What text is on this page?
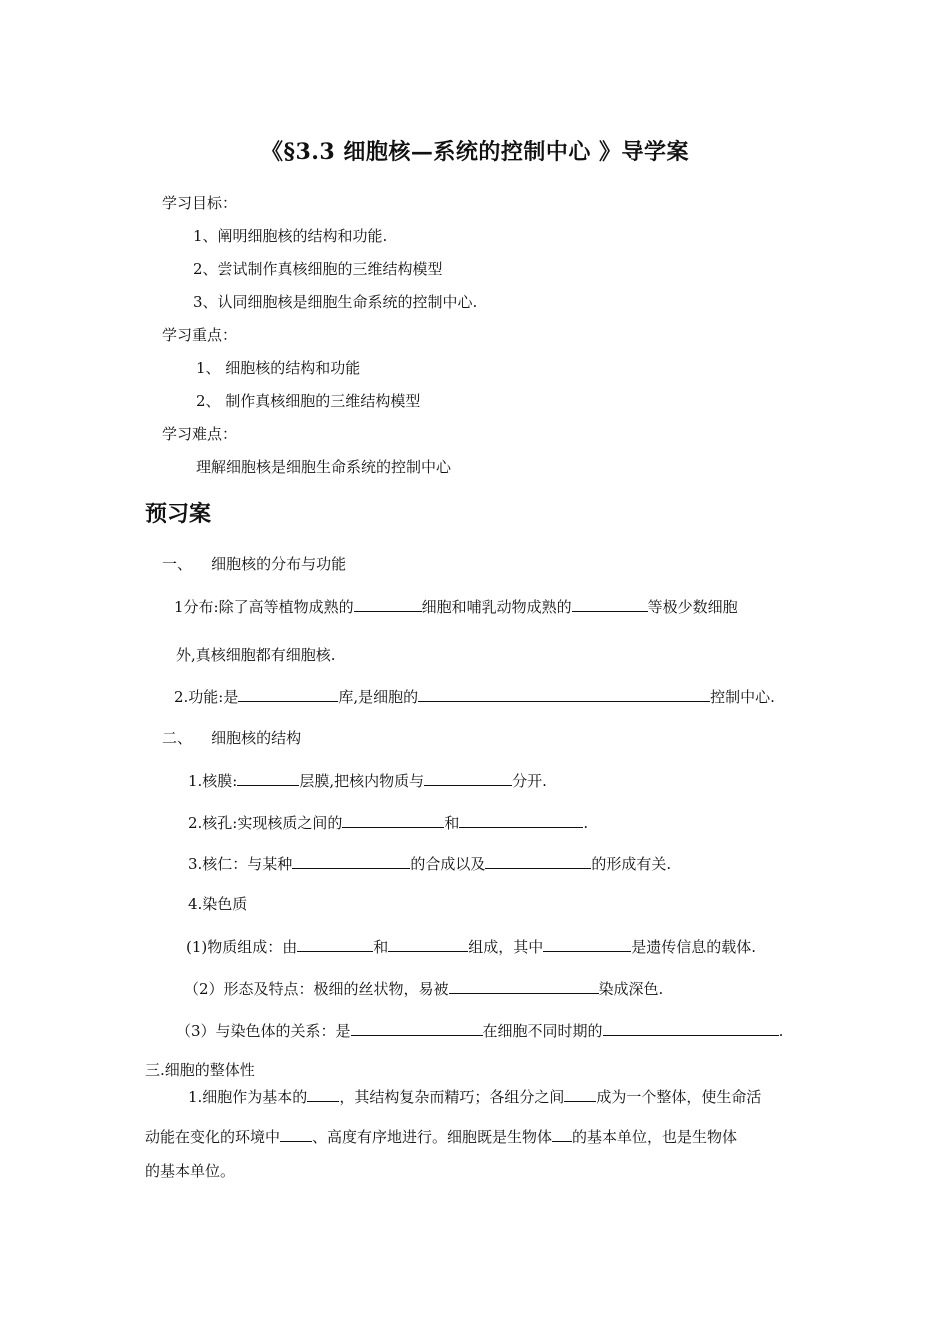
《§3.3 细胞核—系统的控制中心 》导学案
学习目标：
1、阐明细胞核的结构和功能.
2、尝试制作真核细胞的三维结构模型
3、认同细胞核是细胞生命系统的控制中心.
学习重点：
1、 细胞核的结构和功能
2、 制作真核细胞的三维结构模型
学习难点：
理解细胞核是细胞生命系统的控制中心
预习案
一、    细胞核的分布与功能
1分布:除了高等植物成熟的	细胞和哺乳动物成熟的	等极少数细胞
外,真核细胞都有细胞核.
2.功能:是	库,是细胞的	控制中心.
二、    细胞核的结构
1.核膜:	层膜,把核内物质与	分开.
2.核孔:实现核质之间的	和	.
3.核仁：与某种	的合成以及	的形成有关.
4.染色质
(1)物质组成：由	和	组成，其中	是遗传信息的载体.
（2）形态及特点：极细的丝状物，易被	染成深色.
（3）与染色体的关系：是	在细胞不同时期的	.
三.细胞的整体性
1.细胞作为基本的 ，其结构复杂而精巧；各组分之间 成为一个整体，使生命活
动能在变化的环境中 、高度有序地进行。细胞既是生物体 的基本单位，也是生物体
的基本单位。
